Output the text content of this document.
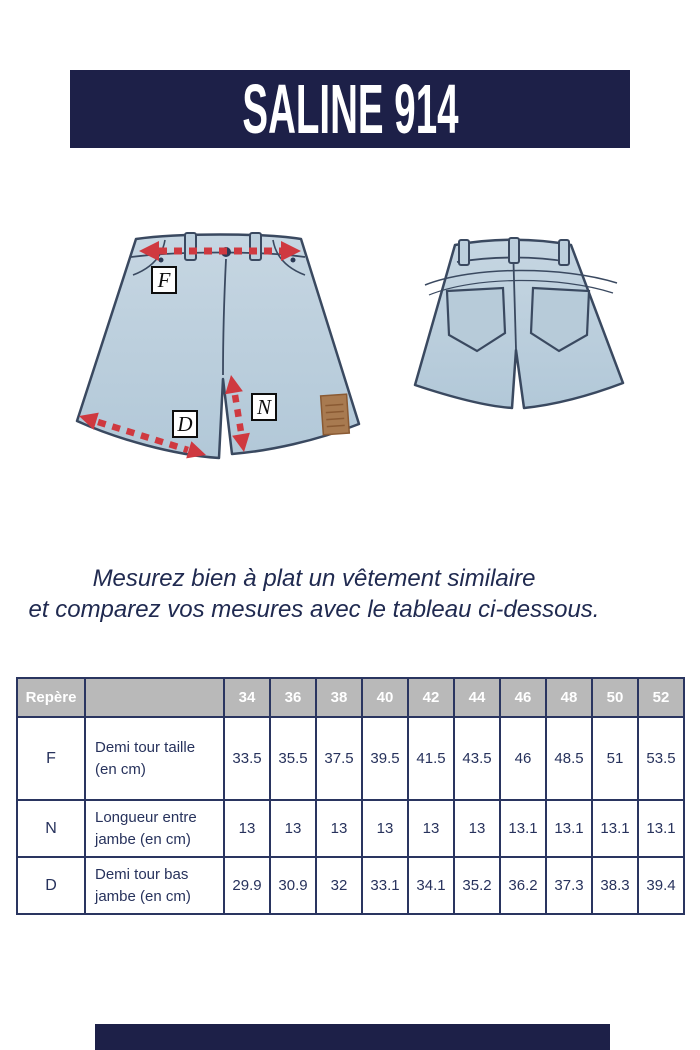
SALINE 914
F
D
N
Mesurez bien à plat un vêtement similaire
et comparez vos mesures avec le tableau ci-dessous.
Repère		34	36	38	40	42	44	46	48	50	52
F	Demi tour taille (en cm)	33.5	35.5	37.5	39.5	41.5	43.5	46	48.5	51	53.5
N	Longueur entre jambe (en cm)	13	13	13	13	13	13	13.1	13.1	13.1	13.1
D	Demi tour bas jambe (en cm)	29.9	30.9	32	33.1	34.1	35.2	36.2	37.3	38.3	39.4
